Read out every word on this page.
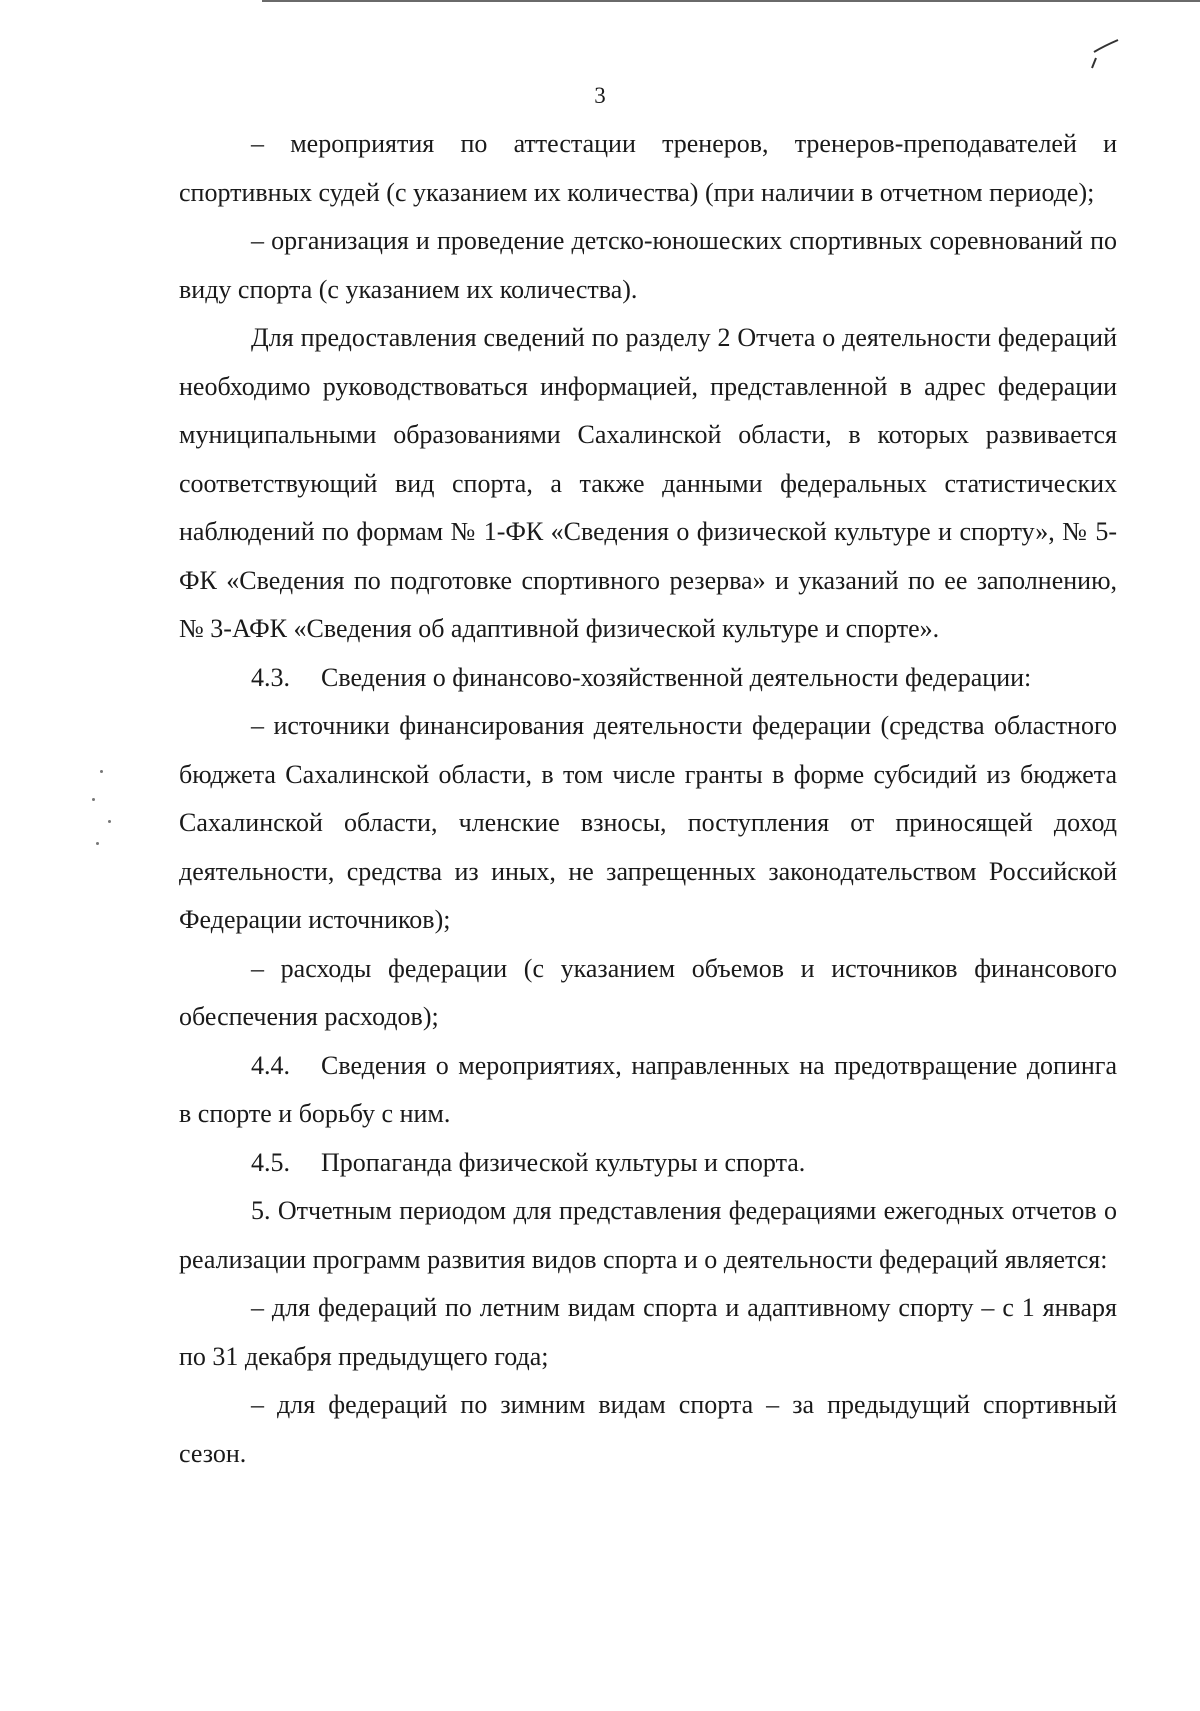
3

– мероприятия по аттестации тренеров, тренеров-преподавателей и спортивных судей (с указанием их количества) (при наличии в отчетном периоде);

– организация и проведение детско-юношеских спортивных соревнований по виду спорта (с указанием их количества).

Для предоставления сведений по разделу 2 Отчета о деятельности федераций необходимо руководствоваться информацией, представленной в адрес федерации муниципальными образованиями Сахалинской области, в которых развивается соответствующий вид спорта, а также данными федеральных статистических наблюдений по формам № 1-ФК «Сведения о физической культуре и спорту», № 5-ФК «Сведения по подготовке спортивного резерва» и указаний по ее заполнению, № 3-АФК «Сведения об адаптивной физической культуре и спорте».

4.3. Сведения о финансово-хозяйственной деятельности федерации:

– источники финансирования деятельности федерации (средства областного бюджета Сахалинской области, в том числе гранты в форме субсидий из бюджета Сахалинской области, членские взносы, поступления от приносящей доход деятельности, средства из иных, не запрещенных законодательством Российской Федерации источников);

– расходы федерации (с указанием объемов и источников финансового обеспечения расходов);

4.4. Сведения о мероприятиях, направленных на предотвращение допинга в спорте и борьбу с ним.

4.5. Пропаганда физической культуры и спорта.

5. Отчетным периодом для представления федерациями ежегодных отчетов о реализации программ развития видов спорта и о деятельности федераций является:

– для федераций по летним видам спорта и адаптивному спорту – с 1 января по 31 декабря предыдущего года;

– для федераций по зимним видам спорта – за предыдущий спортивный сезон.
